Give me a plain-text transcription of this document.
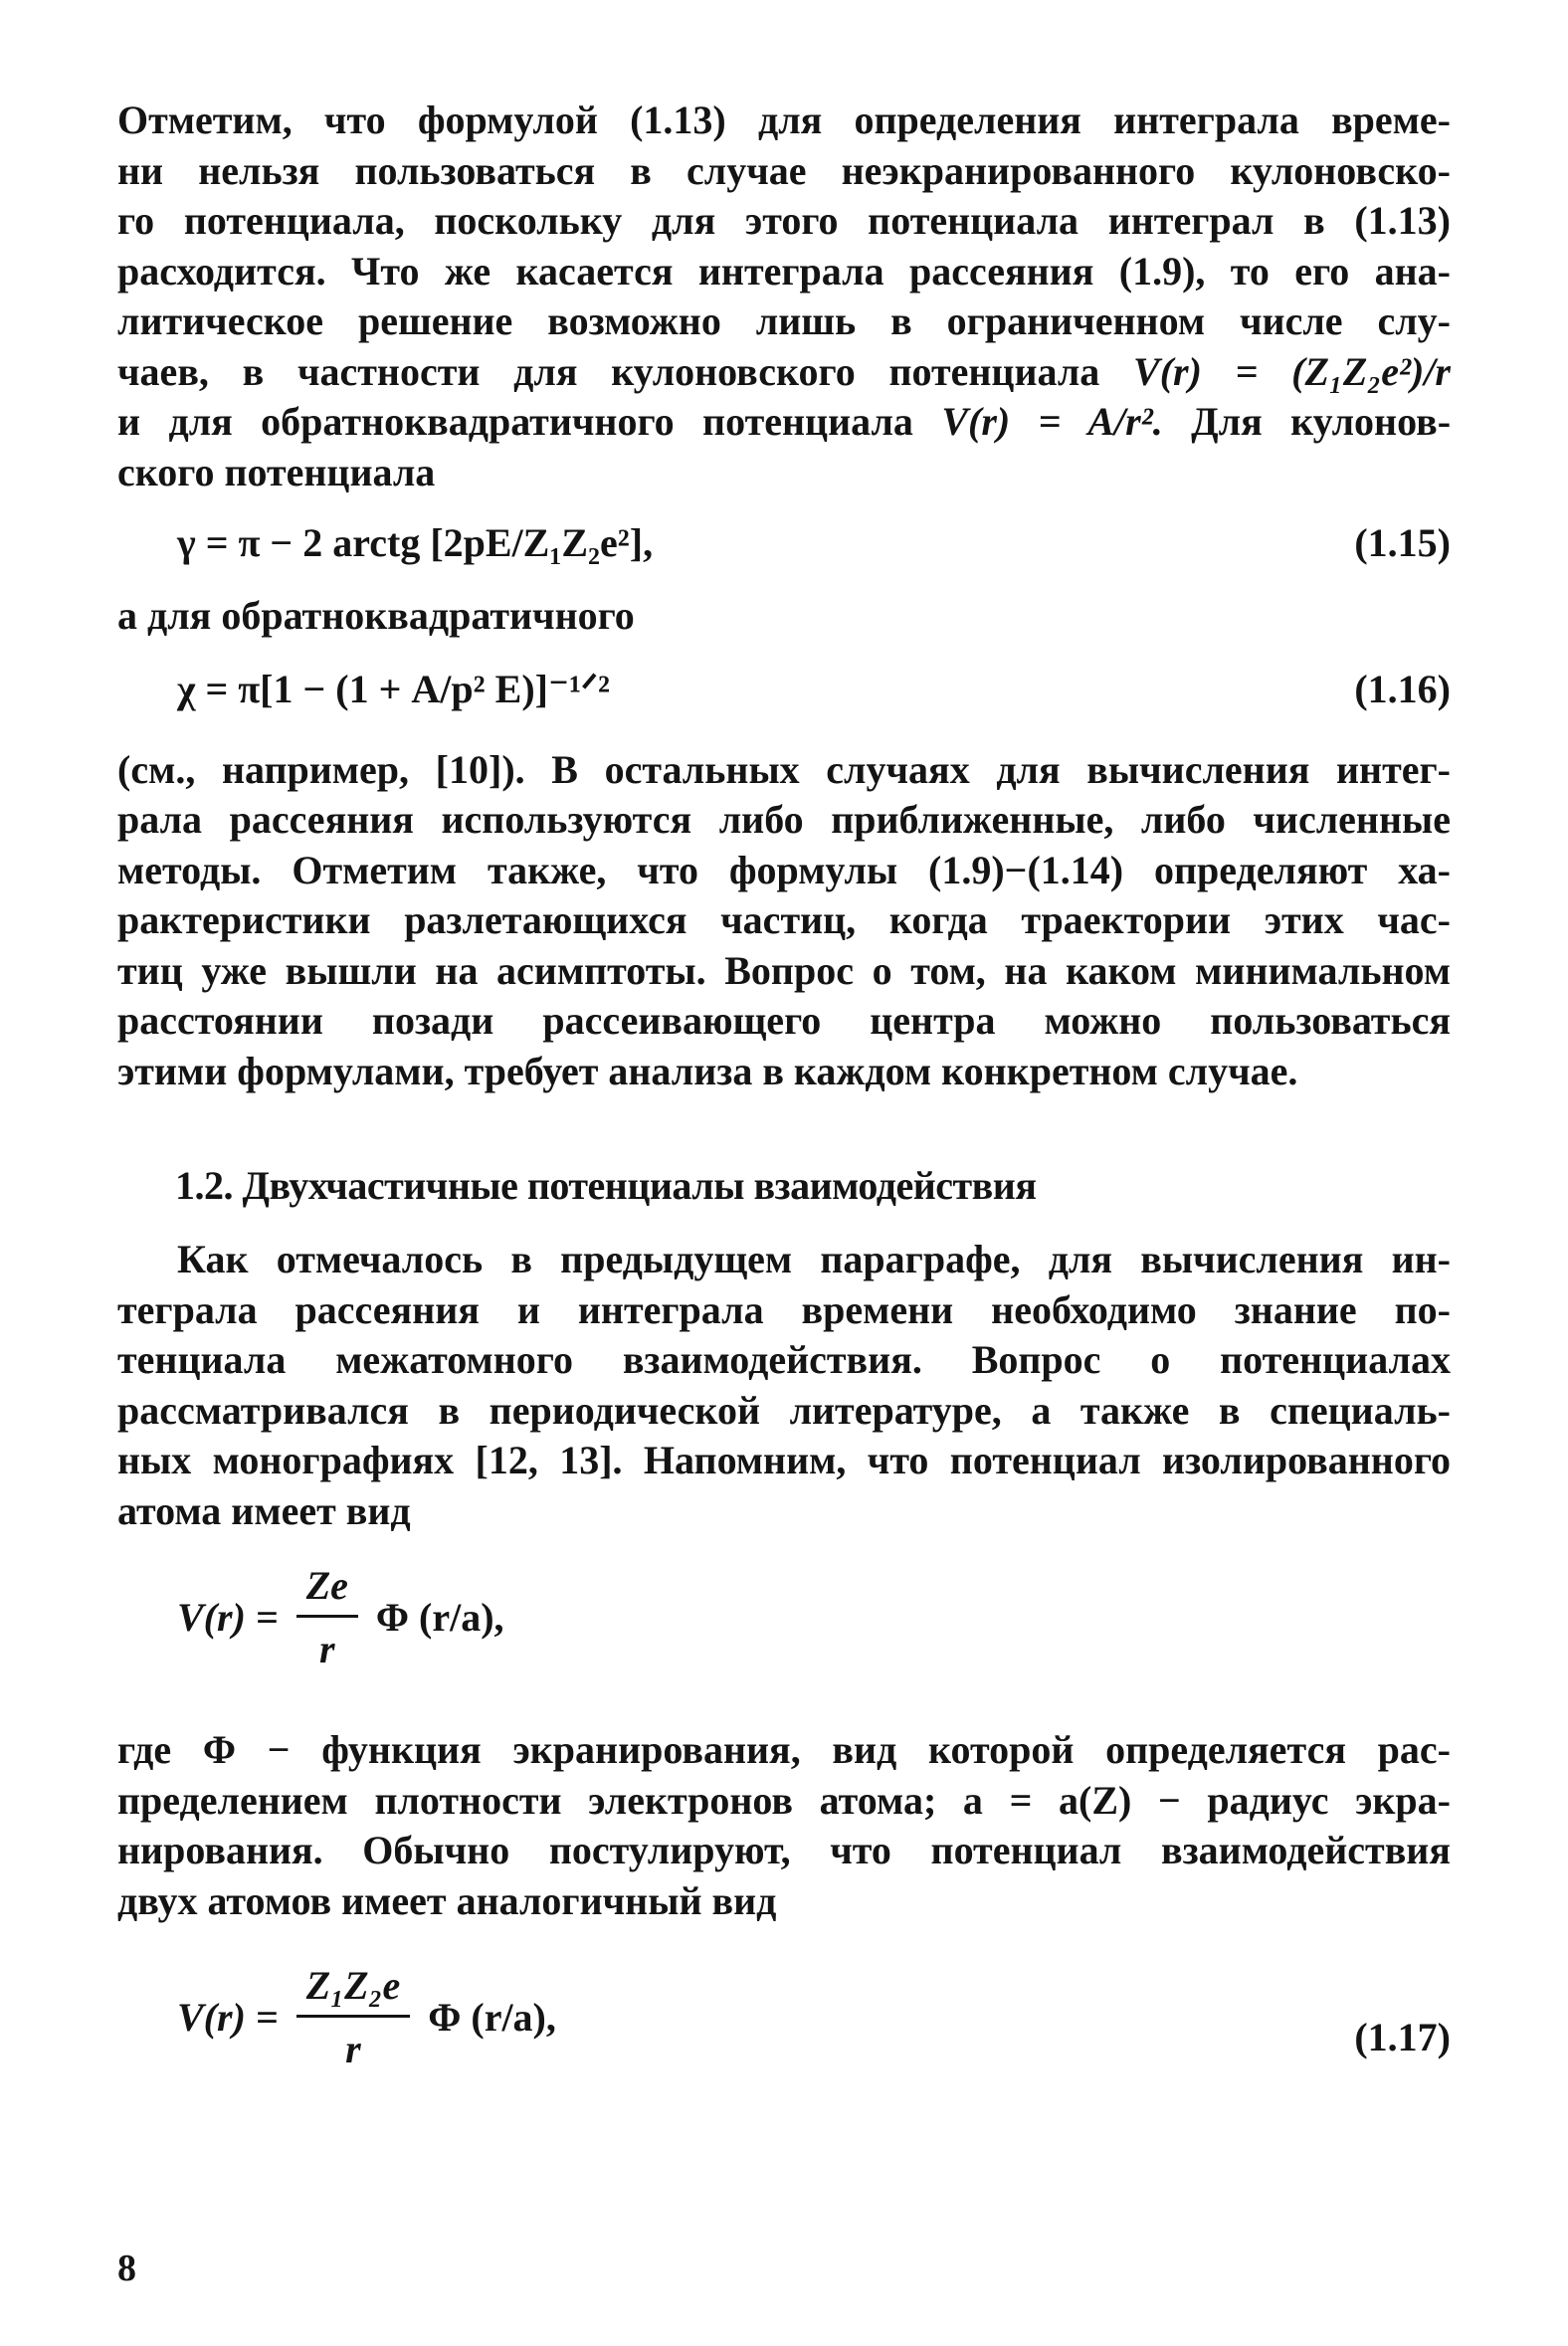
Отметим, что формулой (1.13) для определения интеграла време-
ни нельзя пользоваться в случае неэкранированного кулоновско-
го потенциала, поскольку для этого потенциала интеграл в (1.13)
расходится. Что же касается интеграла рассеяния (1.9), то его ана-
литическое решение возможно лишь в ограниченном числе слу-
чаев, в частности для кулоновского потенциала V(r) = (Z₁Z₂e²)/r
и для обратноквадратичного потенциала V(r) = A/r². Для кулонов-
ского потенциала
γ = π − 2 arctg [2pE/Z₁Z₂e²],	(1.15)
а для обратноквадратичного
χ = π[1 − (1 + A/p² E)]⁻¹ᐟ²	(1.16)
(см., например, [10]). В остальных случаях для вычисления интег-
рала рассеяния используются либо приближенные, либо численные
методы. Отметим также, что формулы (1.9)−(1.14) определяют ха-
рактеристики разлетающихся частиц, когда траектории этих час-
тиц уже вышли на асимптоты. Вопрос о том, на каком минимальном
расстоянии позади рассеивающего центра можно пользоваться
этими формулами, требует анализа в каждом конкретном случае.
1.2. Двухчастичные потенциалы взаимодействия
Как отмечалось в предыдущем параграфе, для вычисления ин-
теграла рассеяния и интеграла времени необходимо знание по-
тенциала межатомного взаимодействия. Вопрос о потенциалах
рассматривался в периодической литературе, а также в специаль-
ных монографиях [12, 13]. Напомним, что потенциал изолированного
атома имеет вид
$V(r) = \frac{Ze}{r}$ Φ (r/a),
где Φ − функция экранирования, вид которой определяется рас-
пределением плотности электронов атома; a = a(Z) − радиус экра-
нирования. Обычно постулируют, что потенциал взаимодействия
двух атомов имеет аналогичный вид
$V(r) = \frac{\text{Z₁Z₂e}}{r}$ Φ (r/a),	(1.17)
8
